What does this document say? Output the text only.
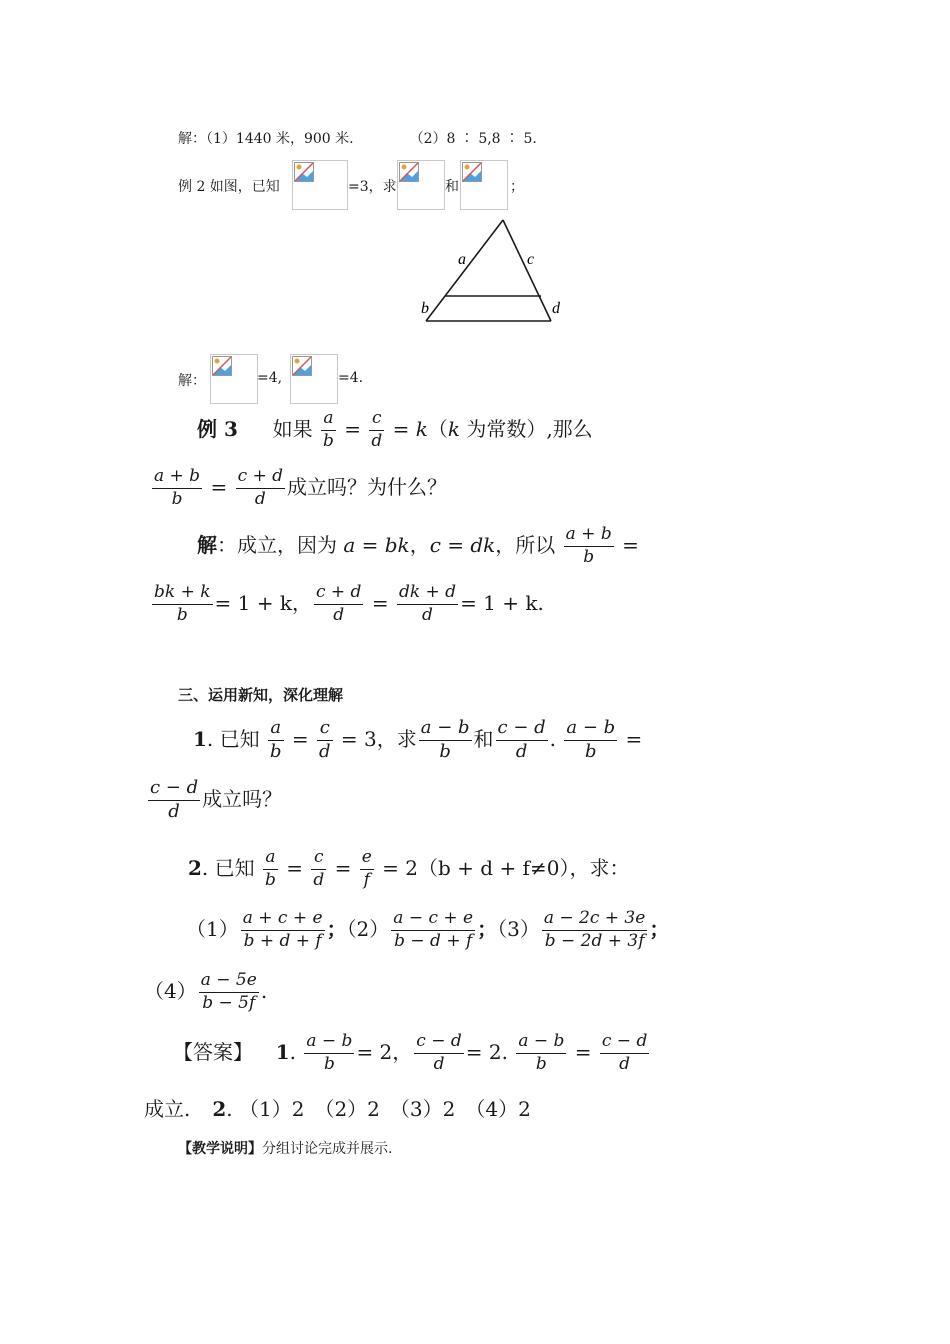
解：（1）1440 米，900 米.	（2）8 ∶ 5,8 ∶ 5.
例 2 如图，已知	=3，求	和	；
a	c
b	d
解：	=4,	=4.
例 3 如果 $\frac{a}{b} = \frac{c}{d} = k(k$ 为常数）,那么
$\frac{a + b}{b} = \frac{c + d}{d}$ 成立吗？为什么？
解：成立，因为 a = bk，c = dk，所以 $\frac{a + b}{b}$ =
$\frac{bk + k}{b} = 1 + k$， $\frac{c + d}{d} = \frac{dk + d}{d} = 1 + k$.
三、运用新知，深化理解
1. 已知 $\frac{a}{b} = \frac{c}{d} = 3$，求 $\frac{a - b}{b}$ 和 $\frac{c - d}{d}$ . $\frac{a - b}{b}$ =
$\frac{c - d}{d}$ 成立吗？
2. 已知 $\frac{a}{b} = \frac{c}{d} = \frac{e}{f} = 2(b + d + f\ne 0)$，求：
$(1) \frac{a + c + e}{b + d + f}$ ；$(2) \frac{a - c + e}{b - d + f}$ ；$(3) \frac{a - 2c + 3e}{b - 2d + 3f}$ ；
$(4) \frac{a - 5e}{b - 5f}$ .
【答案】 1. $\frac{a - b}{b} = 2$， $\frac{c - d}{d} = 2$. $\frac{a - b}{b} = \frac{c - d}{d}$
成立. 2. （1）2　（2）2　（3）2　（4）2
【教学说明】分组讨论完成并展示.
